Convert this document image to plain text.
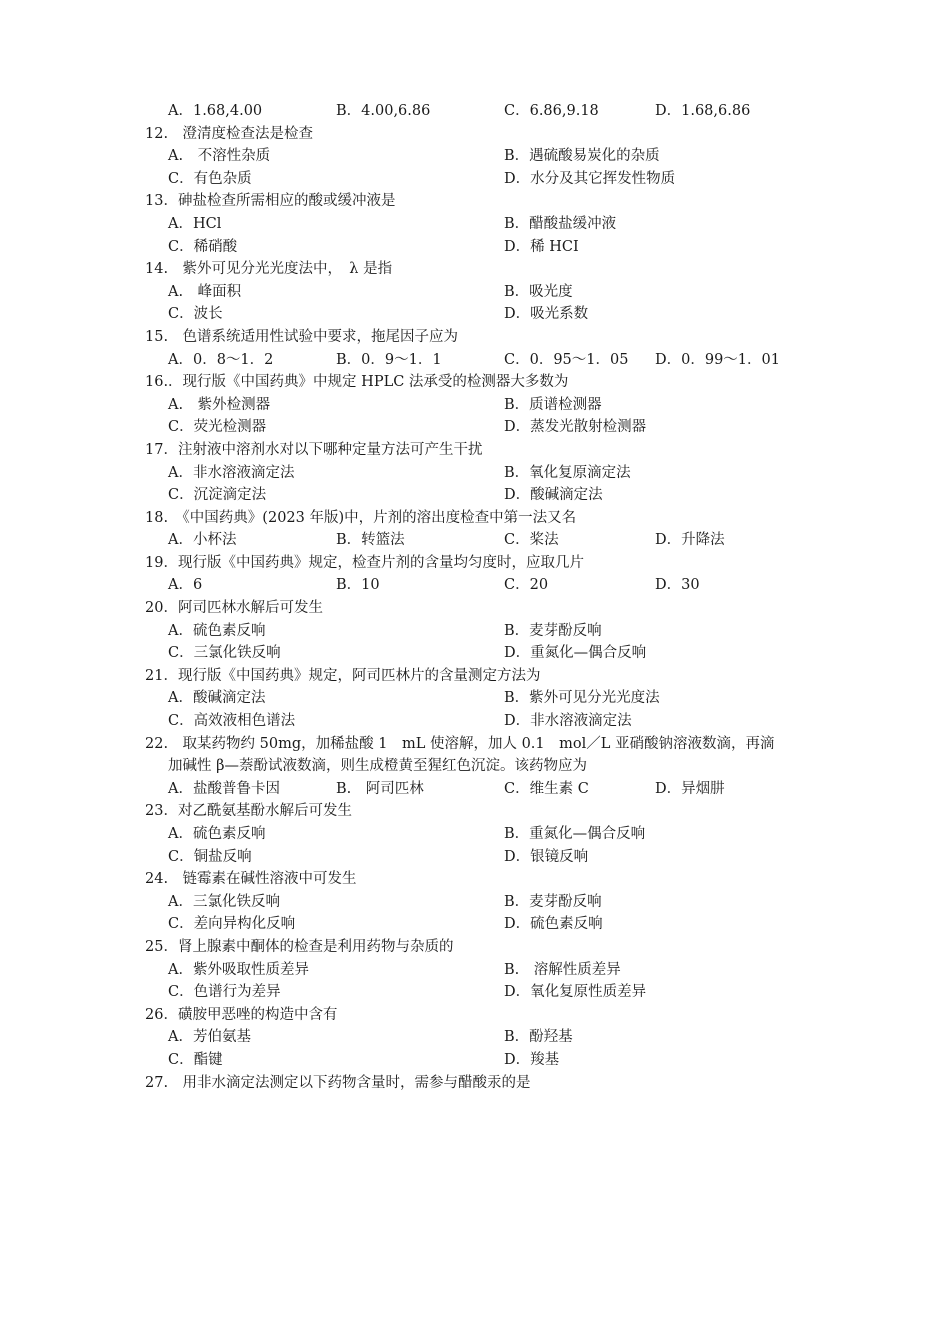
A．1.68,4.00	B．4.00,6.86	C．6.86,9.18	D．1.68,6.86
12.　澄清度检查法是检查
A.　不溶性杂质	B．遇硫酸易炭化的杂质
C．有色杂质	D．水分及其它挥发性物质
13．砷盐检查所需相应的酸或缓冲液是
A．HCl	B．醋酸盐缓冲液
C．稀硝酸	D．稀 HCI
14.　紫外可见分光光度法中，　λ 是指
A.　峰面积	B．吸光度
C．波长	D．吸光系数
15.　色谱系统适用性试验中要求，拖尾因子应为
A．0．8～1．2	B．0．9～1．1	C．0．95～1．05 D．0．99～1．01
16.．现行版《中国药典》中规定 HPLC 法承受的检测器大多数为
A.　紫外检测器	B．质谱检测器
C．荧光检测器	D．蒸发光散射检测器
17．注射液中溶剂水对以下哪种定量方法可产生干扰
A．非水溶液滴定法	B．氧化复原滴定法
C．沉淀滴定法	D．酸碱滴定法
18.　《中国药典》(2023 年版)中，片剂的溶出度检查中第一法又名
A．小杯法	B．转篮法	C．桨法	D．升降法
19．现行版《中国药典》规定，检查片剂的含量均匀度时，应取几片
A．6	B．10	C．20	D．30
20．阿司匹林水解后可发生
A．硫色素反响	B．麦芽酚反响
C．三氯化铁反响	D．重氮化—偶合反响
21．现行版《中国药典》规定，阿司匹林片的含量测定方法为
A．酸碱滴定法	B．紫外可见分光光度法
C．高效液相色谱法	D．非水溶液滴定法
22.　取某药物约 50mg，加稀盐酸 1　mL 使溶解，加人 0.1　mol／L 亚硝酸钠溶液数滴，再滴
加碱性 β—萘酚试液数滴，则生成橙黄至猩红色沉淀。该药物应为
A．盐酸普鲁卡因	B.　阿司匹林	C．维生素 C	D．异烟肼
23．对乙酰氨基酚水解后可发生
A．硫色素反响	B．重氮化—偶合反响
C．铜盐反响	D．银镜反响
24.　链霉素在碱性溶液中可发生
A．三氯化铁反响	B．麦芽酚反响
C．差向异构化反响	D．硫色素反响
25．肾上腺素中酮体的检查是利用药物与杂质的
A．紫外吸取性质差异	B.　溶解性质差异
C．色谱行为差异	D．氧化复原性质差异
26．磺胺甲恶唑的构造中含有
A．芳伯氨基	B．酚羟基
C．酯键	D．羧基
27.　用非水滴定法测定以下药物含量时，需参与醋酸汞的是
